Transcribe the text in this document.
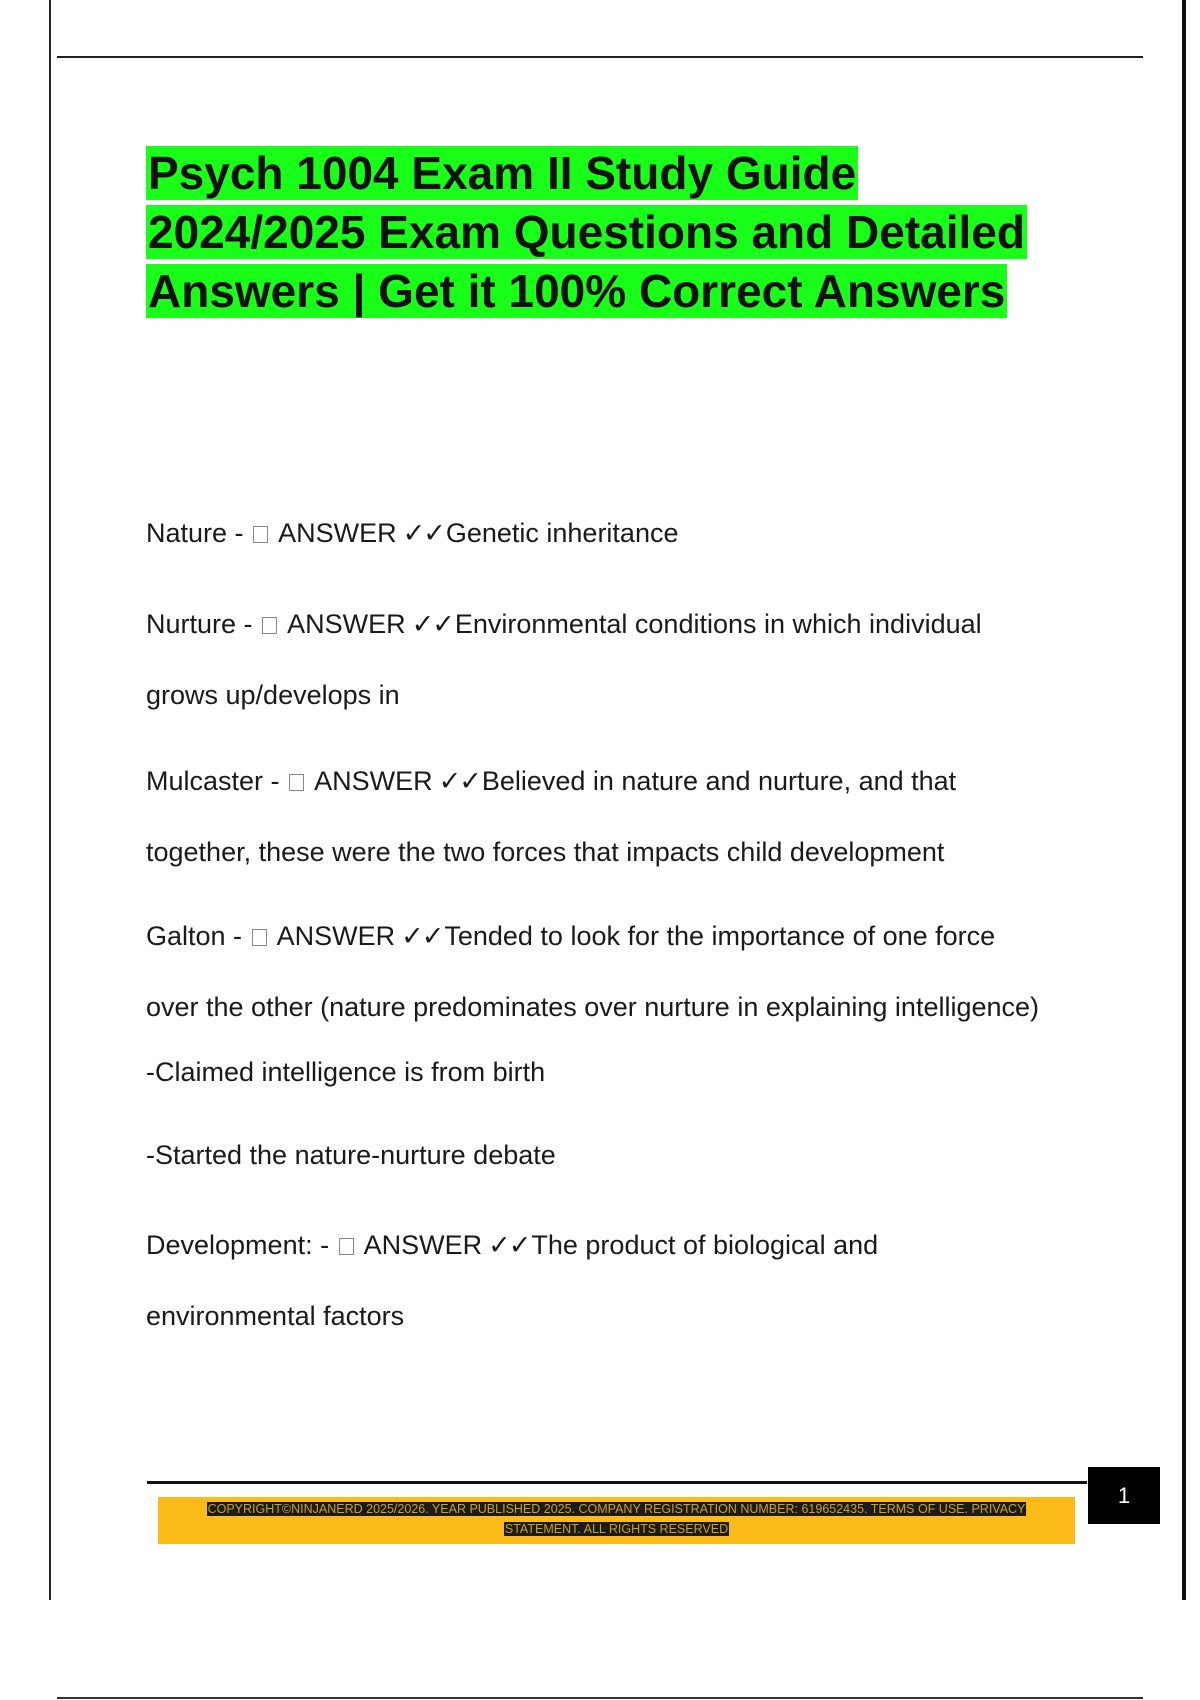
Psych 1004 Exam II Study Guide
2024/2025 Exam Questions and Detailed
Answers | Get it 100% Correct Answers
Nature - ANSWER ✓✓Genetic inheritance
Nurture - ANSWER ✓✓Environmental conditions in which individual
grows up/develops in
Mulcaster - ANSWER ✓✓Believed in nature and nurture, and that
together, these were the two forces that impacts child development
Galton - ANSWER ✓✓Tended to look for the importance of one force
over the other (nature predominates over nurture in explaining intelligence)
-Claimed intelligence is from birth
-Started the nature-nurture debate
Development: - ANSWER ✓✓The product of biological and
environmental factors
1
COPYRIGHT©NINJANERD 2025/2026. YEAR PUBLISHED 2025. COMPANY REGISTRATION NUMBER: 619652435. TERMS OF USE. PRIVACY
STATEMENT. ALL RIGHTS RESERVED
